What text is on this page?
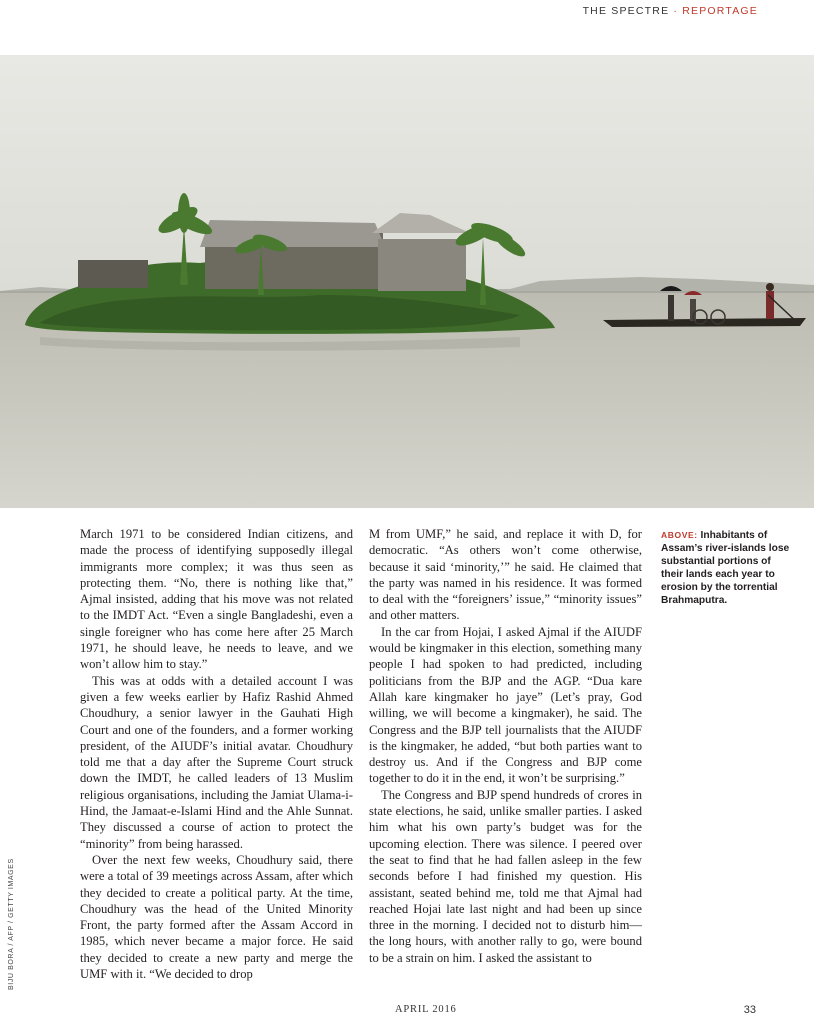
THE SPECTRE · REPORTAGE

March 1971 to be considered Indian citizens, and made the process of identifying supposedly illegal immigrants more complex; it was thus seen as protecting them. “No, there is nothing like that,” Ajmal insisted, adding that his move was not related to the IMDT Act. “Even a single Bangladeshi, even a single foreigner who has come here after 25 March 1971, he should leave, he needs to leave, and we won’t allow him to stay.”

This was at odds with a detailed account I was given a few weeks earlier by Hafiz Rashid Ahmed Choudhury, a senior lawyer in the Gauhati High Court and one of the founders, and a former working president, of the AIUDF’s initial avatar. Choudhury told me that a day after the Supreme Court struck down the IMDT, he called leaders of 13 Muslim religious organisations, including the Jamiat Ulama-i-Hind, the Jamaat-e-Islami Hind and the Ahle Sunnat. They discussed a course of action to protect the “minority” from being harassed.

Over the next few weeks, Choudhury said, there were a total of 39 meetings across Assam, after which they decided to create a political party. At the time, Choudhury was the head of the United Minority Front, the party formed after the Assam Accord in 1985, which never became a major force. He said they decided to create a new party and merge the UMF with it. “We decided to drop

M from UMF,” he said, and replace it with D, for democratic. “As others won’t come otherwise, because it said ‘minority,’” he said. He claimed that the party was named in his residence. It was formed to deal with the “foreigners’ issue,” “minority issues” and other matters.

In the car from Hojai, I asked Ajmal if the AIUDF would be kingmaker in this election, something many people I had spoken to had predicted, including politicians from the BJP and the AGP. “Dua kare Allah kare kingmaker ho jaye” (Let’s pray, God willing, we will become a kingmaker), he said. The Congress and the BJP tell journalists that the AIUDF is the kingmaker, he added, “but both parties want to destroy us. And if the Congress and BJP come together to do it in the end, it won’t be surprising.”

The Congress and BJP spend hundreds of crores in state elections, he said, unlike smaller parties. I asked him what his own party’s budget was for the upcoming election. There was silence. I peered over the seat to find that he had fallen asleep in the few seconds before I had finished my question. His assistant, seated behind me, told me that Ajmal had reached Hojai late last night and had been up since three in the morning. I decided not to disturb him—the long hours, with another rally to go, were bound to be a strain on him. I asked the assistant to

ABOVE: Inhabitants of Assam’s river-islands lose substantial portions of their lands each year to erosion by the torrential Brahmaputra.
BIJU BORA / AFP / GETTY IMAGES
APRIL 2016	33
